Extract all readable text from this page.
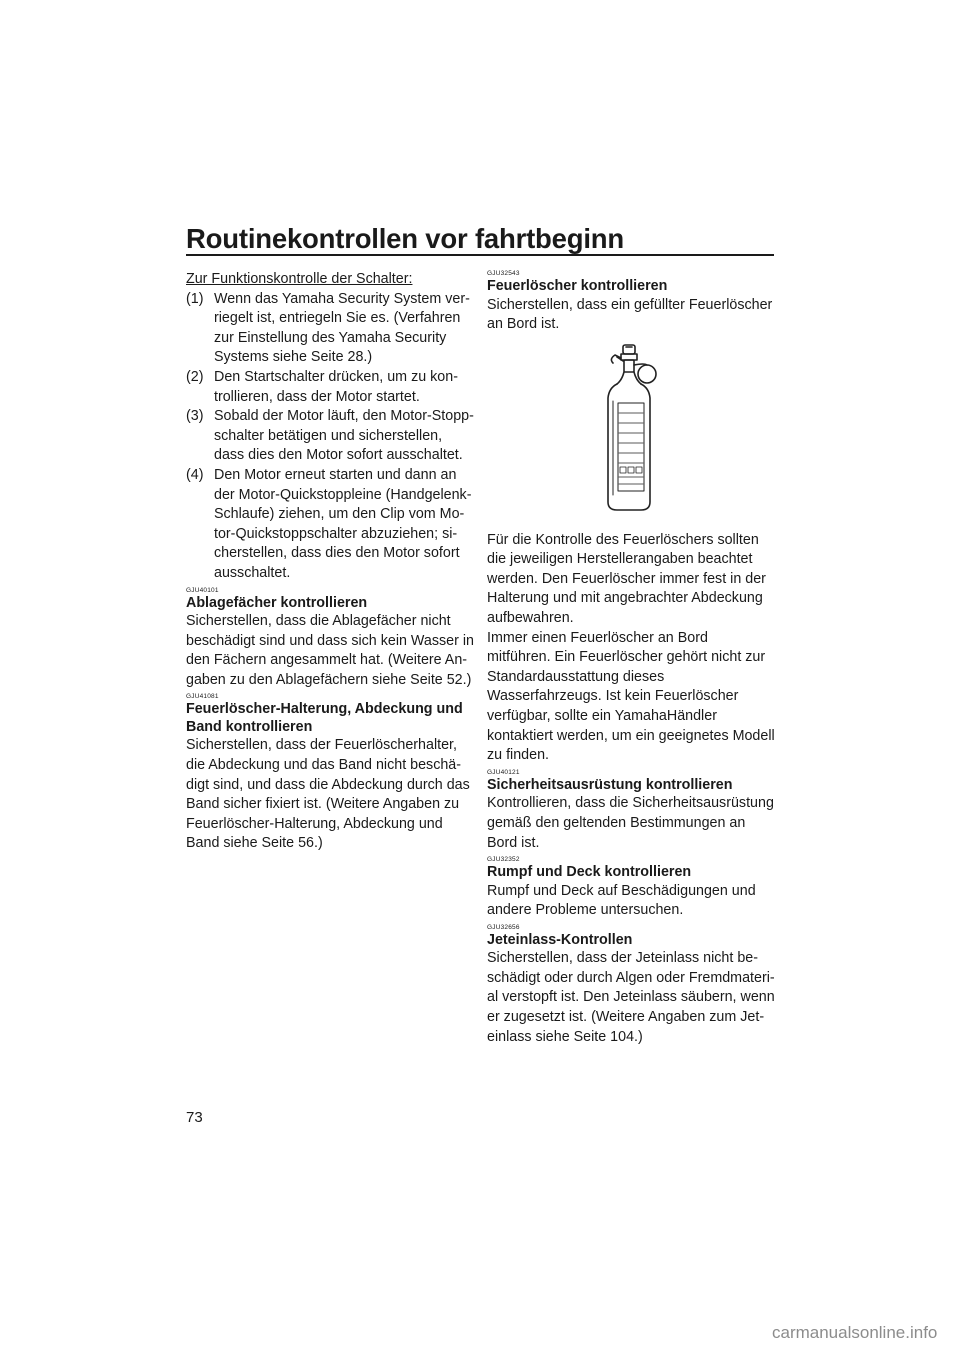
Routinekontrollen vor fahrtbeginn

Zur Funktionskontrolle der Schalter:

(1) Wenn das Yamaha Security System verriegelt ist, entriegeln Sie es. (Verfahren zur Einstellung des Yamaha Security Systems siehe Seite 28.)
(2) Den Startschalter drücken, um zu kontrollieren, dass der Motor startet.
(3) Sobald der Motor läuft, den Motor-Stoppschalter betätigen und sicherstellen, dass dies den Motor sofort ausschaltet.
(4) Den Motor erneut starten und dann an der Motor-Quickstoppleine (HandgelenkSchlaufe) ziehen, um den Clip vom Motor-Quickstoppschalter abzuziehen; sicherstellen, dass dies den Motor sofort ausschaltet.
GJU40101
Ablagefächer kontrollieren

Sicherstellen, dass die Ablagefächer nicht beschädigt sind und dass sich kein Wasser in den Fächern angesammelt hat. (Weitere Angaben zu den Ablagefächern siehe Seite 52.)

GJU41081
Feuerlöscher-Halterung, Abdeckung und Band kontrollieren

Sicherstellen, dass der Feuerlöscherhalter, die Abdeckung und das Band nicht beschädigt sind, und dass die Abdeckung durch das Band sicher fixiert ist. (Weitere Angaben zu Feuerlöscher-Halterung, Abdeckung und Band siehe Seite 56.)

GJU32543
Feuerlöscher kontrollieren

Sicherstellen, dass ein gefüllter Feuerlöscher an Bord ist.

Für die Kontrolle des Feuerlöschers sollten die jeweiligen Herstellerangaben beachtet werden. Den Feuerlöscher immer fest in der Halterung und mit angebrachter Abdeckung aufbewahren.

Immer einen Feuerlöscher an Bord mitführen. Ein Feuerlöscher gehört nicht zur Standardausstattung dieses Wasserfahrzeugs. Ist kein Feuerlöscher verfügbar, sollte ein YamahaHändler kontaktiert werden, um ein geeignetes Modell zu finden.

GJU40121
Sicherheitsausrüstung kontrollieren

Kontrollieren, dass die Sicherheitsausrüstung gemäß den geltenden Bestimmungen an Bord ist.

GJU32352
Rumpf und Deck kontrollieren

Rumpf und Deck auf Beschädigungen und andere Probleme untersuchen.

GJU32656
Jeteinlass-Kontrollen

Sicherstellen, dass der Jeteinlass nicht beschädigt oder durch Algen oder Fremdmaterial verstopft ist. Den Jeteinlass säubern, wenn er zugesetzt ist. (Weitere Angaben zum Jeteinlass siehe Seite 104.)

73
carmanualsonline.info
